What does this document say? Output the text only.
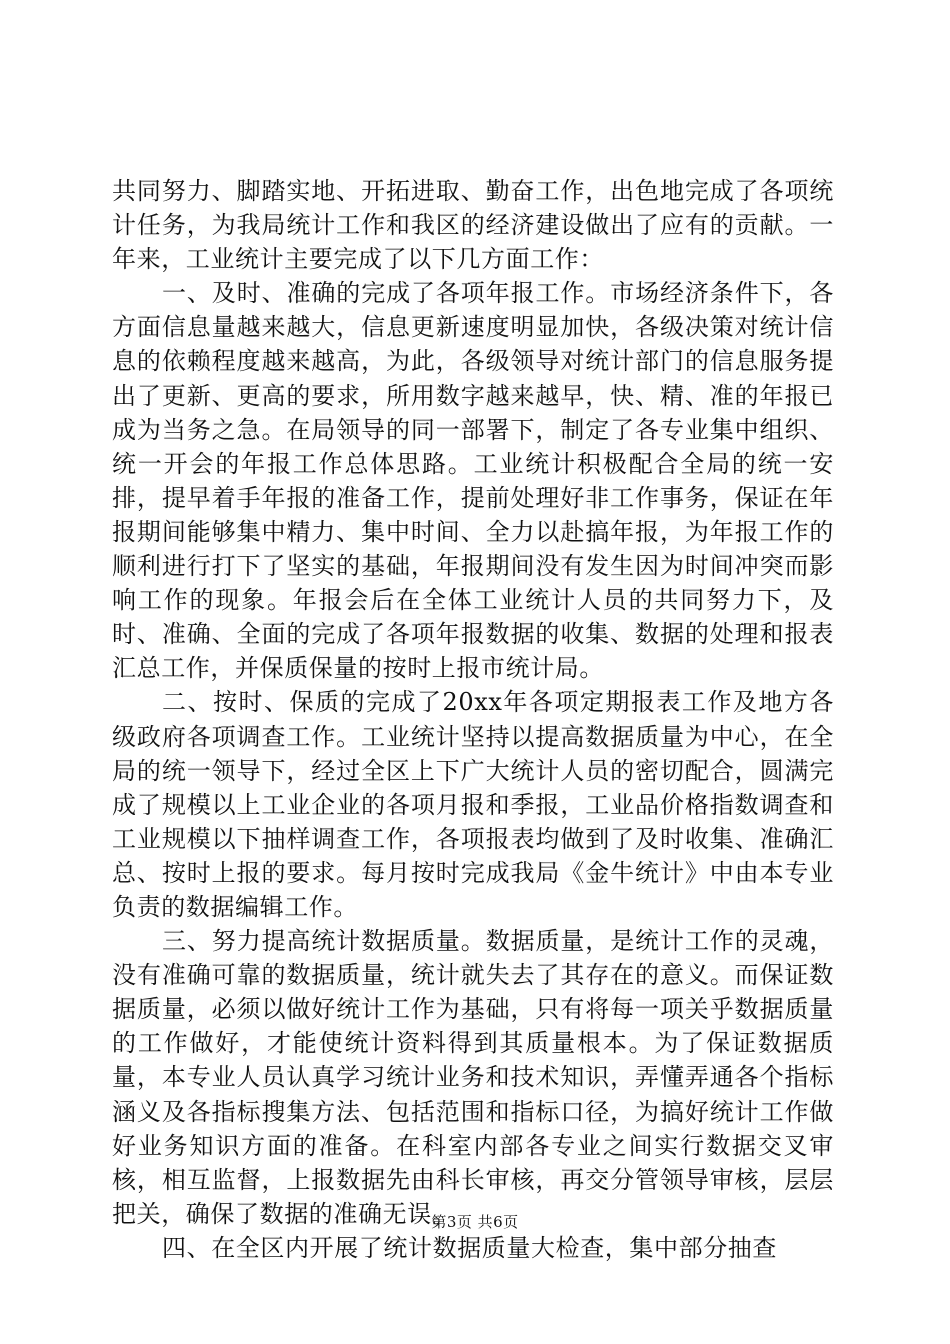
共同努力、脚踏实地、开拓进取、勤奋工作，出色地完成了各项统计任务，为我局统计工作和我区的经济建设做出了应有的贡献。一年来，工业统计主要完成了以下几方面工作：

一、及时、准确的完成了各项年报工作。市场经济条件下，各方面信息量越来越大，信息更新速度明显加快，各级决策对统计信息的依赖程度越来越高，为此，各级领导对统计部门的信息服务提出了更新、更高的要求，所用数字越来越早，快、精、准的年报已成为当务之急。在局领导的同一部署下，制定了各专业集中组织、统一开会的年报工作总体思路。工业统计积极配合全局的统一安排，提早着手年报的准备工作，提前处理好非工作事务，保证在年报期间能够集中精力、集中时间、全力以赴搞年报，为年报工作的顺利进行打下了坚实的基础，年报期间没有发生因为时间冲突而影响工作的现象。年报会后在全体工业统计人员的共同努力下，及时、准确、全面的完成了各项年报数据的收集、数据的处理和报表汇总工作，并保质保量的按时上报市统计局。

二、按时、保质的完成了20xx年各项定期报表工作及地方各级政府各项调查工作。工业统计坚持以提高数据质量为中心，在全局的统一领导下，经过全区上下广大统计人员的密切配合，圆满完成了规模以上工业企业的各项月报和季报，工业品价格指数调查和工业规模以下抽样调查工作，各项报表均做到了及时收集、准确汇总、按时上报的要求。每月按时完成我局《金牛统计》中由本专业负责的数据编辑工作。

三、努力提高统计数据质量。数据质量，是统计工作的灵魂，没有准确可靠的数据质量，统计就失去了其存在的意义。而保证数据质量，必须以做好统计工作为基础，只有将每一项关乎数据质量的工作做好，才能使统计资料得到其质量根本。为了保证数据质量，本专业人员认真学习统计业务和技术知识，弄懂弄通各个指标涵义及各指标搜集方法、包括范围和指标口径，为搞好统计工作做好业务知识方面的准备。在科室内部各专业之间实行数据交叉审核，相互监督，上报数据先由科长审核，再交分管领导审核，层层把关，确保了数据的准确无误。

四、在全区内开展了统计数据质量大检查，集中部分抽查

第3页 共6页
